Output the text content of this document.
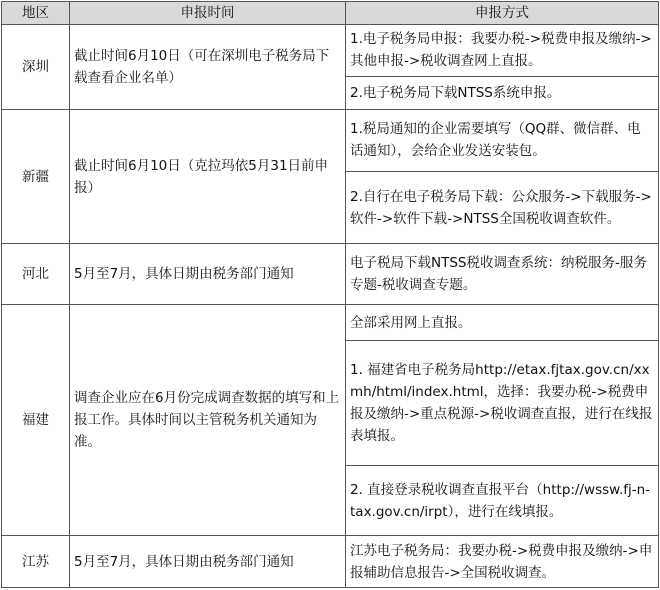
地区	申报时间	申报方式
深圳	截止时间6月10日（可在深圳电子税务局下载查看企业名单）	1.电子税务局申报：我要办税->税费申报及缴纳->其他申报->税收调查网上直报。
		2.电子税务局下载NTSS系统申报。
新疆	截止时间6月10日（克拉玛依5月31日前申报）	1.税局通知的企业需要填写（QQ群、微信群、电话通知），会给企业发送安装包。
		2.自行在电子税务局下载：公众服务->下载服务->软件->软件下载->NTSS全国税收调查软件。
河北	5月至7月，具体日期由税务部门通知	电子税局下载NTSS税收调查系统：纳税服务-服务专题-税收调查专题。
福建	调查企业应在6月份完成调查数据的填写和上报工作。具体时间以主管税务机关通知为准。	全部采用网上直报。
		1. 福建省电子税务局http://etax.fjtax.gov.cn/xxmh/html/index.html，选择：我要办税->税费申报及缴纳->重点税源->税收调查直报，进行在线报表填报。
		2. 直接登录税收调查直报平台（http://wssw.fj-n-tax.gov.cn/irpt），进行在线填报。
江苏	5月至7月，具体日期由税务部门通知	江苏电子税务局：我要办税->税费申报及缴纳->申报辅助信息报告->全国税收调查。
